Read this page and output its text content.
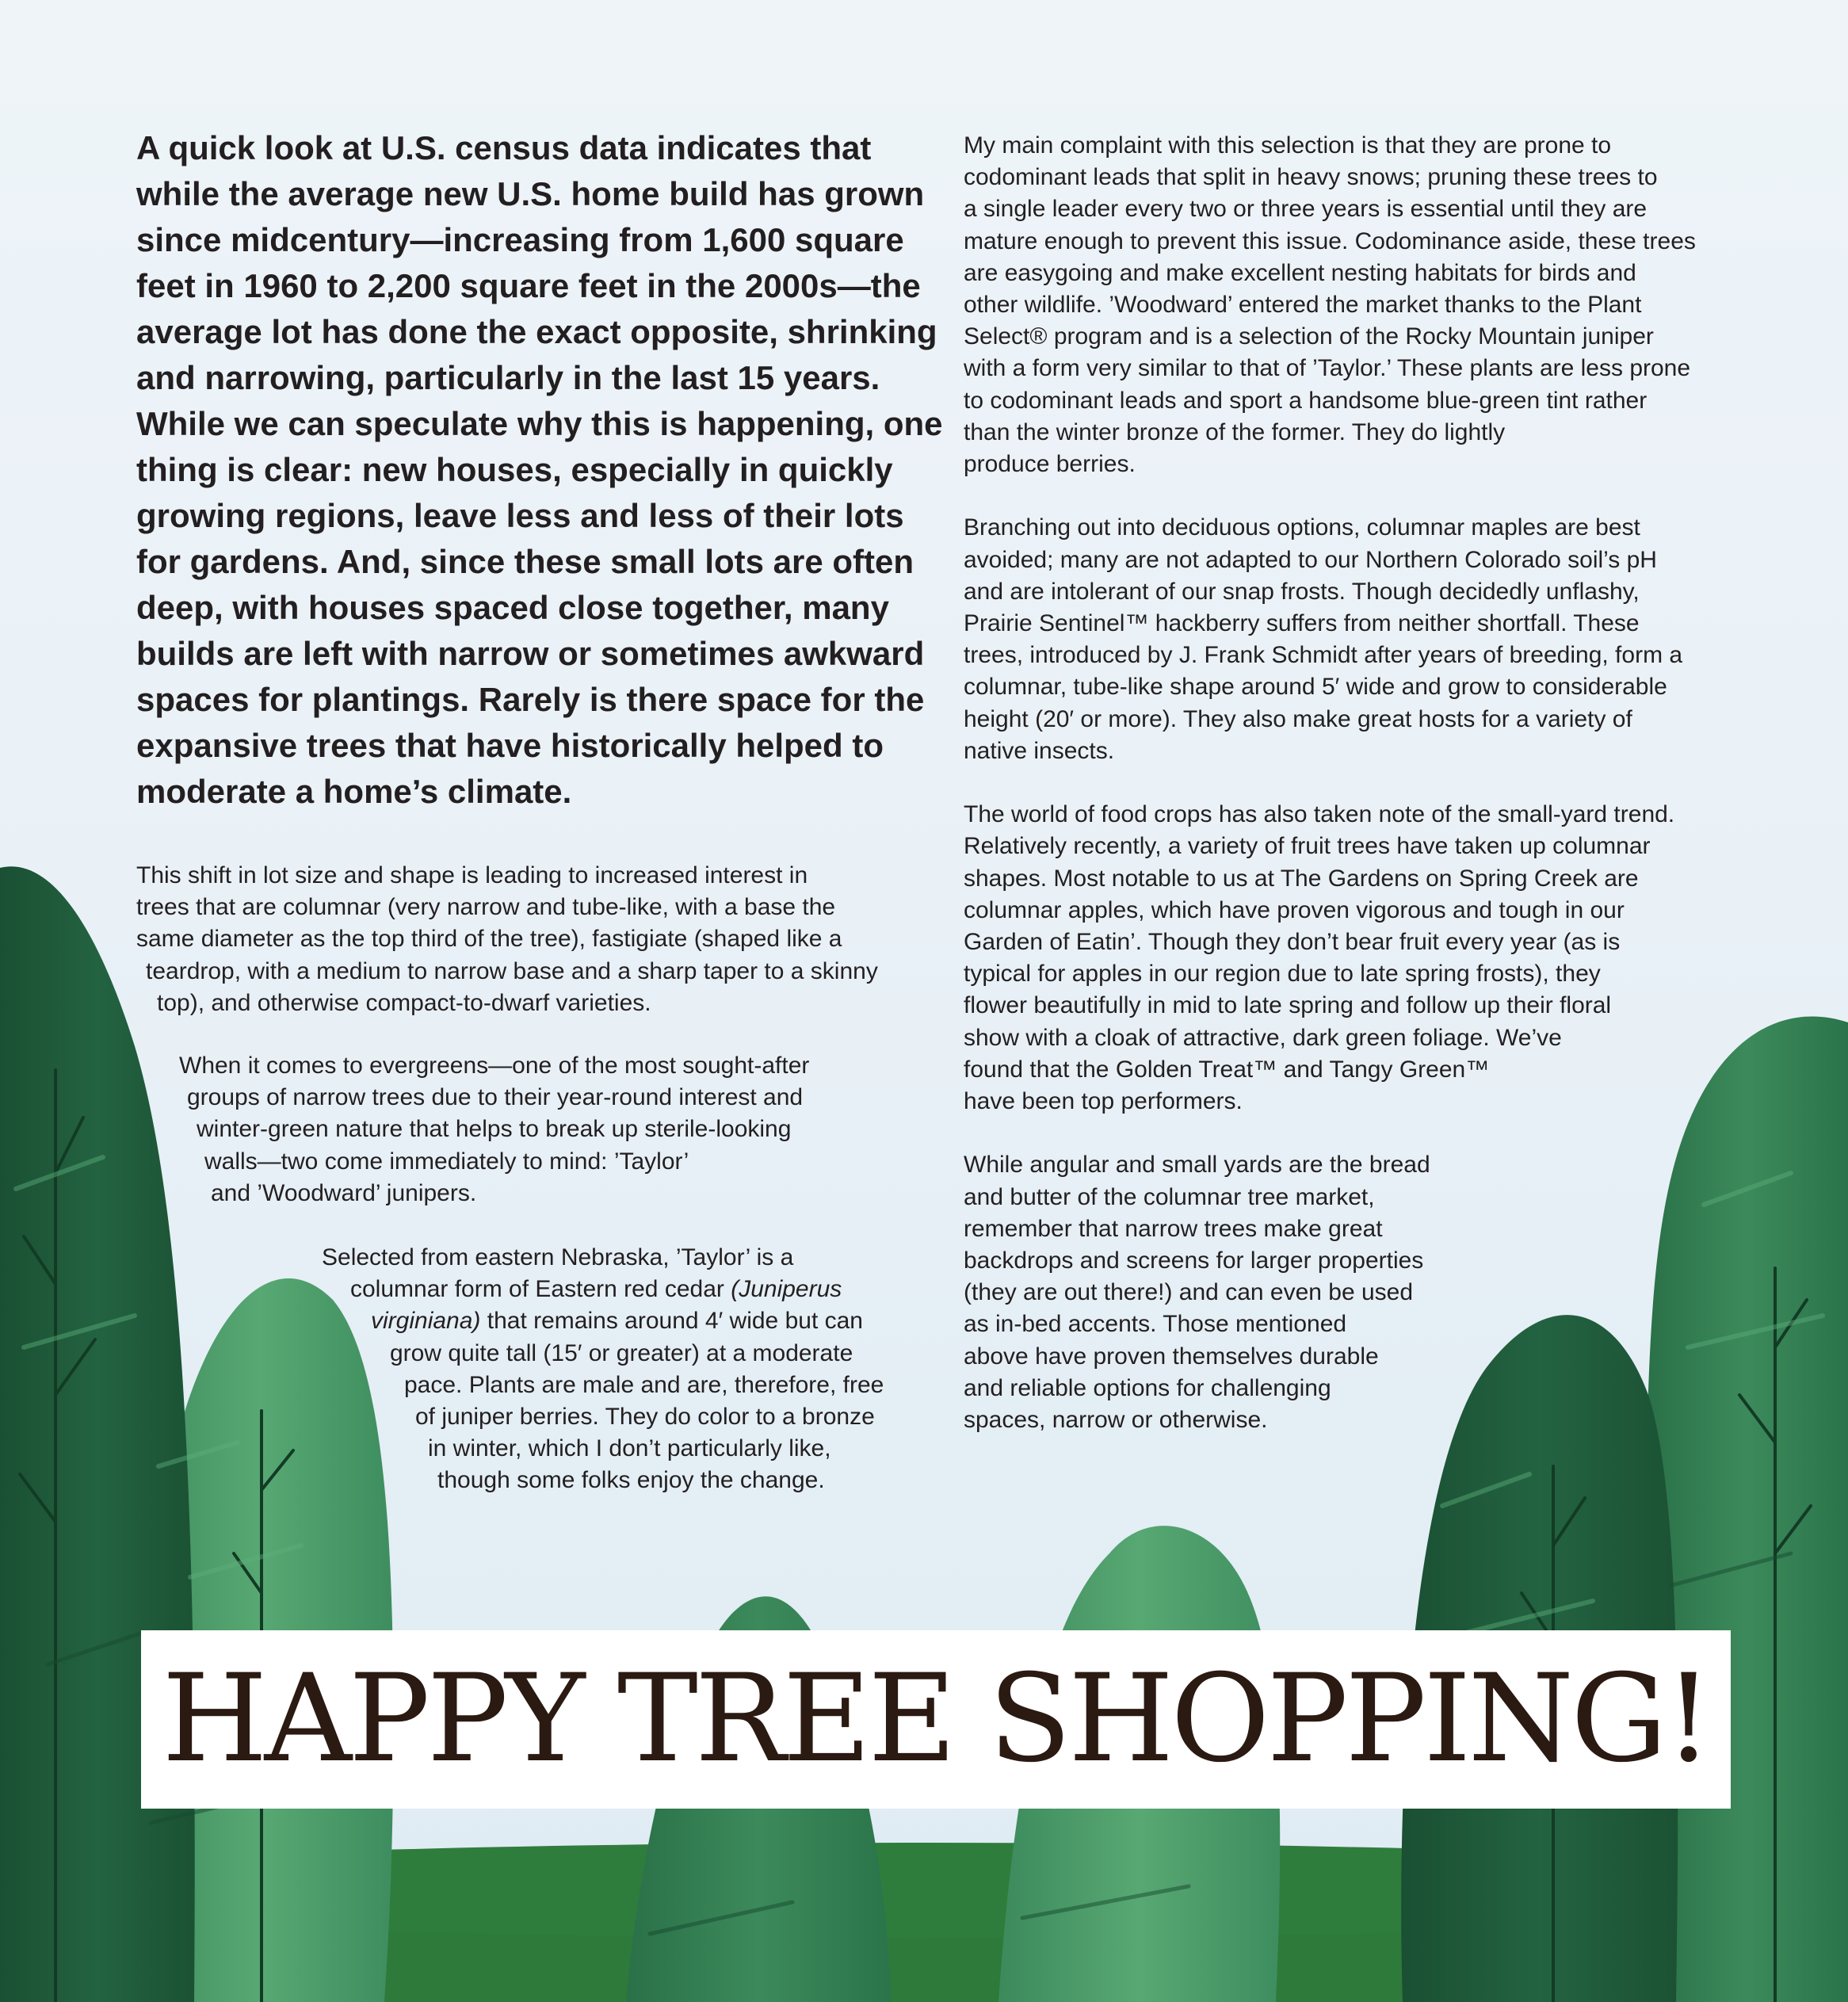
A quick look at U.S. census data indicates that
while the average new U.S. home build has grown
since midcentury—increasing from 1,600 square
feet in 1960 to 2,200 square feet in the 2000s—the
average lot has done the exact opposite, shrinking
and narrowing, particularly in the last 15 years.
While we can speculate why this is happening, one
thing is clear: new houses, especially in quickly
growing regions, leave less and less of their lots
for gardens. And, since these small lots are often
deep, with houses spaced close together, many
builds are left with narrow or sometimes awkward
spaces for plantings. Rarely is there space for the
expansive trees that have historically helped to
moderate a home’s climate.
This shift in lot size and shape is leading to increased interest in
trees that are columnar (very narrow and tube-like, with a base the
same diameter as the top third of the tree), fastigiate (shaped like a
teardrop, with a medium to narrow base and a sharp taper to a skinny
top), and otherwise compact-to-dwarf varieties.
When it comes to evergreens—one of the most sought-after
groups of narrow trees due to their year-round interest and
winter-green nature that helps to break up sterile-looking
walls—two come immediately to mind: ’Taylor’
and ’Woodward’ junipers.
Selected from eastern Nebraska, ’Taylor’ is a
columnar form of Eastern red cedar (Juniperus
virginiana) that remains around 4′ wide but can
grow quite tall (15′ or greater) at a moderate
pace. Plants are male and are, therefore, free
of juniper berries. They do color to a bronze
in winter, which I don’t particularly like,
though some folks enjoy the change.

My main complaint with this selection is that they are prone to
codominant leads that split in heavy snows; pruning these trees to
a single leader every two or three years is essential until they are
mature enough to prevent this issue. Codominance aside, these trees
are easygoing and make excellent nesting habitats for birds and
other wildlife. ’Woodward’ entered the market thanks to the Plant
Select® program and is a selection of the Rocky Mountain juniper
with a form very similar to that of ’Taylor.’ These plants are less prone
to codominant leads and sport a handsome blue-green tint rather
than the winter bronze of the former. They do lightly
produce berries.

Branching out into deciduous options, columnar maples are best
avoided; many are not adapted to our Northern Colorado soil’s pH
and are intolerant of our snap frosts. Though decidedly unflashy,
Prairie Sentinel™ hackberry suffers from neither shortfall. These
trees, introduced by J. Frank Schmidt after years of breeding, form a
columnar, tube-like shape around 5′ wide and grow to considerable
height (20′ or more). They also make great hosts for a variety of
native insects.

The world of food crops has also taken note of the small-yard trend.
Relatively recently, a variety of fruit trees have taken up columnar
shapes. Most notable to us at The Gardens on Spring Creek are
columnar apples, which have proven vigorous and tough in our
Garden of Eatin’. Though they don’t bear fruit every year (as is
typical for apples in our region due to late spring frosts), they
flower beautifully in mid to late spring and follow up their floral
show with a cloak of attractive, dark green foliage. We’ve
found that the Golden Treat™ and Tangy Green™
have been top performers.

While angular and small yards are the bread
and butter of the columnar tree market,
remember that narrow trees make great
backdrops and screens for larger properties
(they are out there!) and can even be used
as in-bed accents. Those mentioned
above have proven themselves durable
and reliable options for challenging
spaces, narrow or otherwise.

HAPPY TREE SHOPPING!
